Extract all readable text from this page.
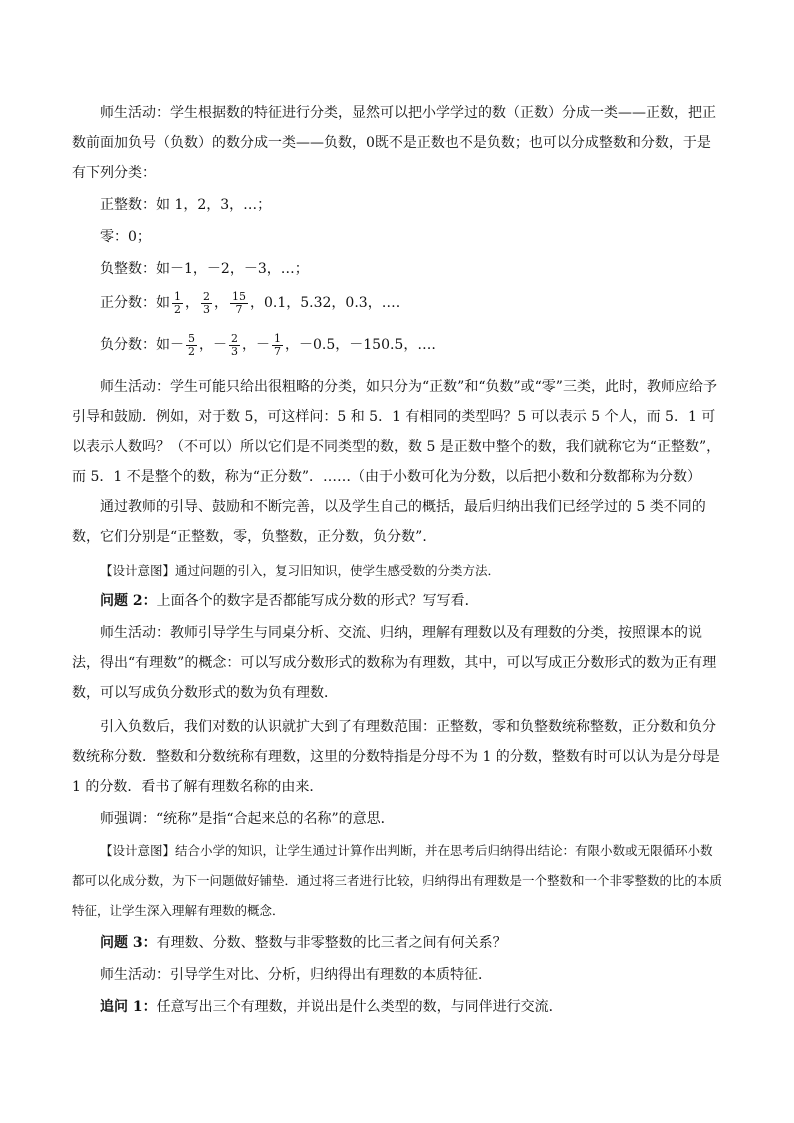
师生活动：学生根据数的特征进行分类，显然可以把小学学过的数（正数）分成一类——正数，把正数前面加负号（负数）的数分成一类——负数，0既不是正数也不是负数；也可以分成整数和分数，于是有下列分类：

正整数：如 1，2，3，…；
零：0；
负整数：如－1，－2，－3，…；
正分数：如 $\frac{1}{2}$ ， $\frac{2}{3}$ ， $\frac{15}{7}$ ，0.1，5.32，0.3，….
负分数：如－ $\frac{5}{2}$ ，－ $\frac{2}{3}$ ，－ $\frac{1}{7}$ ，－0.5，－150.5，….

师生活动：学生可能只给出很粗略的分类，如只分为“正数”和“负数”或“零”三类，此时，教师应给予引导和鼓励．例如，对于数 5，可这样问：5 和 5．1 有相同的类型吗？5 可以表示 5 个人，而 5．1 可以表示人数吗？（不可以）所以它们是不同类型的数，数 5 是正数中整个的数，我们就称它为“正整数”，而 5．1 不是整个的数，称为“正分数”．……（由于小数可化为分数，以后把小数和分数都称为分数）

通过教师的引导、鼓励和不断完善，以及学生自己的概括，最后归纳出我们已经学过的 5 类不同的数，它们分别是“正整数，零，负整数，正分数，负分数”．

【设计意图】通过问题的引入，复习旧知识，使学生感受数的分类方法．

问题 2：上面各个的数字是否都能写成分数的形式？写写看．

师生活动：教师引导学生与同桌分析、交流、归纳，理解有理数以及有理数的分类，按照课本的说法，得出“有理数”的概念：可以写成分数形式的数称为有理数，其中，可以写成正分数形式的数为正有理数，可以写成负分数形式的数为负有理数．

引入负数后，我们对数的认识就扩大到了有理数范围：正整数，零和负整数统称整数，正分数和负分数统称分数．整数和分数统称有理数，这里的分数特指是分母不为 1 的分数，整数有时可以认为是分母是 1 的分数．看书了解有理数名称的由来．

师强调：“统称”是指“合起来总的名称”的意思．

【设计意图】结合小学的知识，让学生通过计算作出判断，并在思考后归纳得出结论：有限小数或无限循环小数都可以化成分数，为下一问题做好铺垫．通过将三者进行比较，归纳得出有理数是一个整数和一个非零整数的比的本质特征，让学生深入理解有理数的概念．

问题 3：有理数、分数、整数与非零整数的比三者之间有何关系？

师生活动：引导学生对比、分析，归纳得出有理数的本质特征．

追问 1：任意写出三个有理数，并说出是什么类型的数，与同伴进行交流．
